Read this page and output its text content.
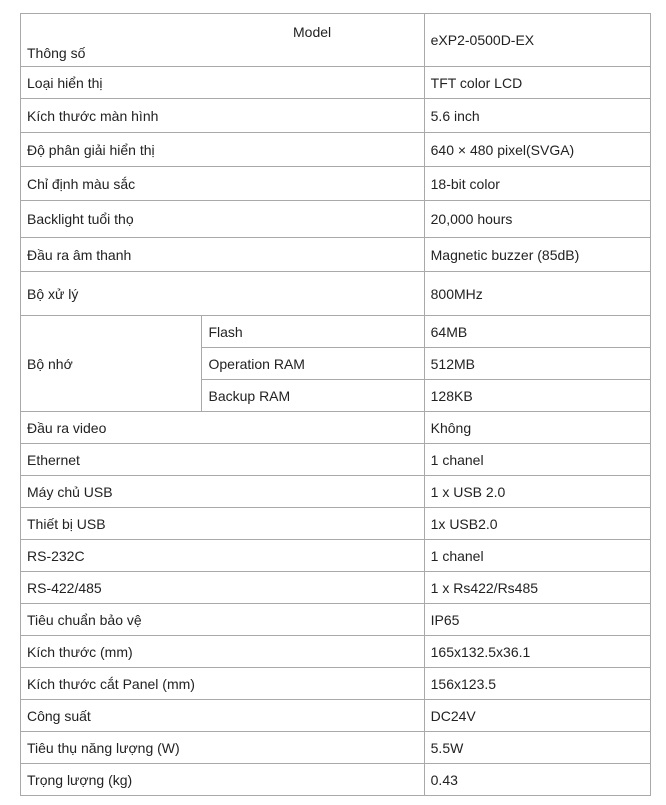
Model
Thông số		eXP2-0500D-EX
Loại hiển thị		TFT color LCD
Kích thước màn hình		5.6 inch
Độ phân giải hiển thị		640 × 480 pixel(SVGA)
Chỉ định màu sắc		18-bit color
Backlight tuổi thọ		20,000 hours
Đầu ra âm thanh		Magnetic buzzer (85dB)
Bộ xử lý		800MHz
Bộ nhớ	Flash	64MB
	Operation RAM	512MB
	Backup RAM	128KB
Đầu ra video		Không
Ethernet		1 chanel
Máy chủ USB		1 x USB 2.0
Thiết bị USB		1x USB2.0
RS-232C		1 chanel
RS-422/485		1 x Rs422/Rs485
Tiêu chuẩn bảo vệ		IP65
Kích thước (mm)		165x132.5x36.1
Kích thước cắt Panel (mm)		156x123.5
Công suất		DC24V
Tiêu thụ năng lượng (W)		5.5W
Trọng lượng (kg)		0.43
